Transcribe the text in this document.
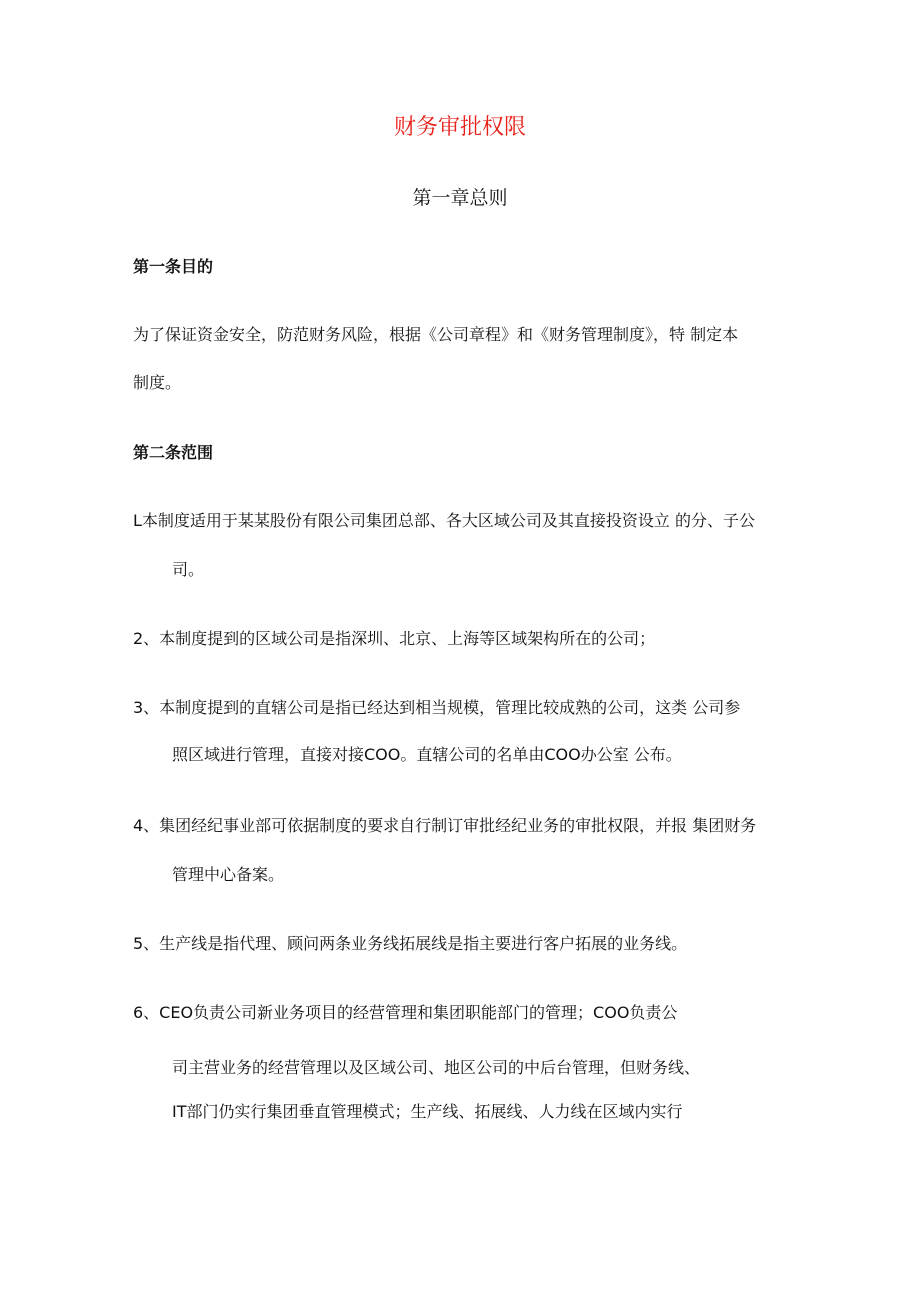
财务审批权限
第一章总则
第一条目的
为了保证资金安全，防范财务风险，根据《公司章程》和《财务管理制度》，特 制定本
制度。
第二条范围
L本制度适用于某某股份有限公司集团总部、各大区域公司及其直接投资设立 的分、子公
司。
2、本制度提到的区域公司是指深圳、北京、上海等区域架构所在的公司；
3、本制度提到的直辖公司是指已经达到相当规模，管理比较成熟的公司，这类 公司参
照区域进行管理，直接对接COO。直辖公司的名单由COO办公室 公布。
4、集团经纪事业部可依据制度的要求自行制订审批经纪业务的审批权限，并报 集团财务
管理中心备案。
5、生产线是指代理、顾问两条业务线拓展线是指主要进行客户拓展的业务线。
6、CEO负责公司新业务项目的经营管理和集团职能部门的管理；COO负责公
司主营业务的经营管理以及区域公司、地区公司的中后台管理，但财务线、
IT部门仍实行集团垂直管理模式；生产线、拓展线、人力线在区域内实行
